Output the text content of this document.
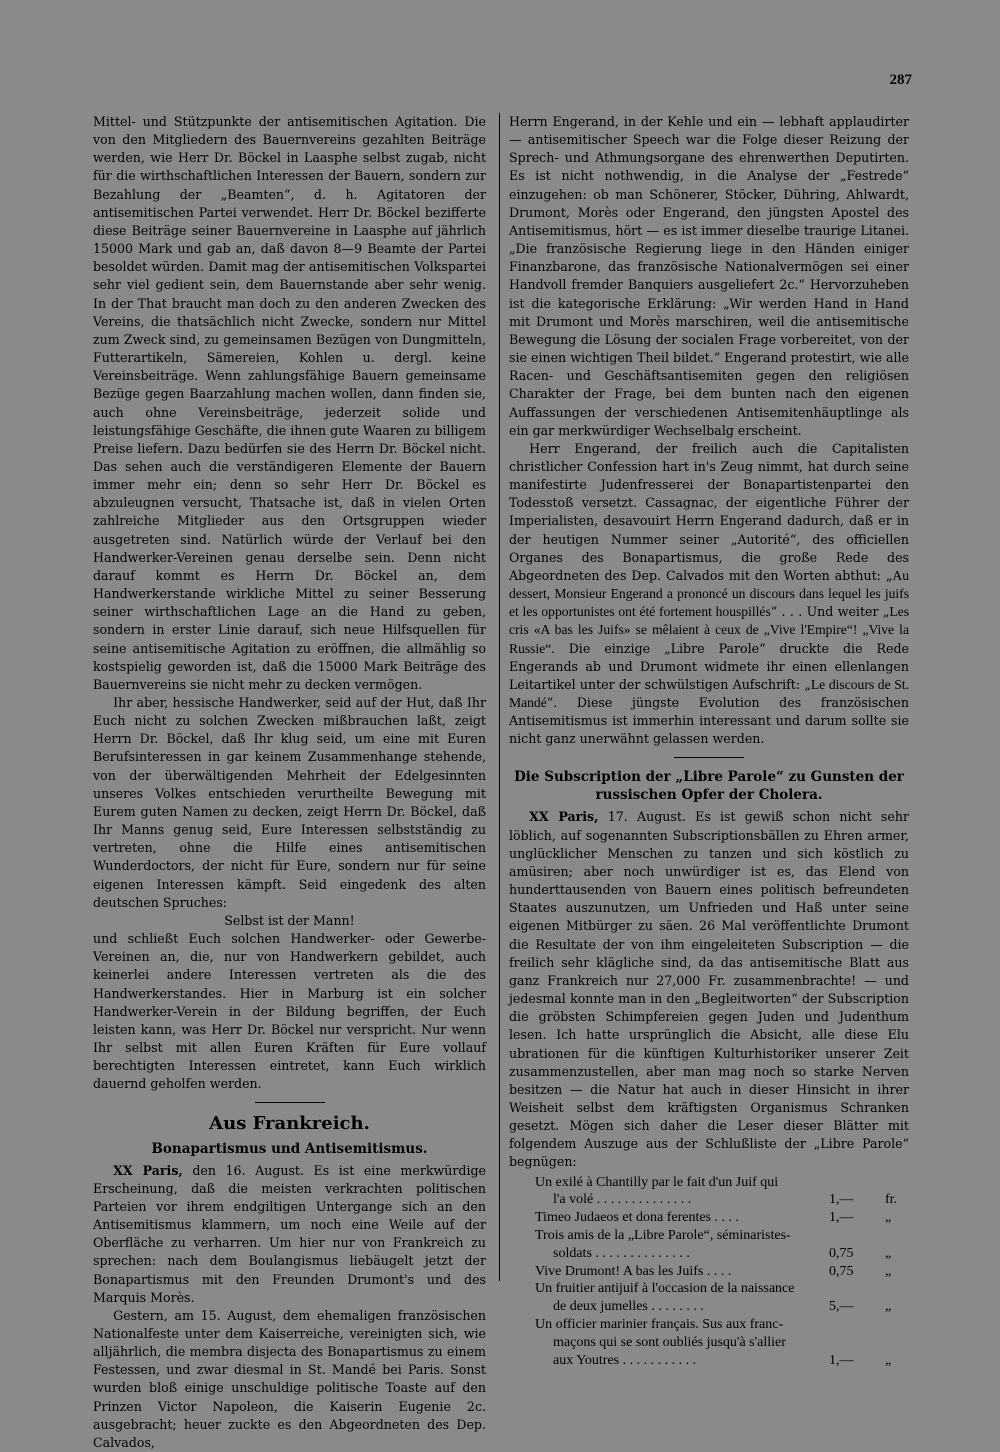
287

Mittel- und Stützpunkte der antisemitischen Agitation. Die von den Mitgliedern des Bauernvereins gezahlten Beiträge werden, wie Herr Dr. Böckel in Laasphe selbst zugab, nicht für die wirthschaftlichen Interessen der Bauern, sondern zur Bezahlung der „Beamten“, d. h. Agitatoren der antisemitischen Partei verwendet. Herr Dr. Böckel bezifferte diese Beiträge seiner Bauernvereine in Laasphe auf jährlich 15000 Mark und gab an, daß davon 8—9 Beamte der Partei besoldet würden. Damit mag der antisemitischen Volkspartei sehr viel gedient sein, dem Bauernstande aber sehr wenig. In der That braucht man doch zu den anderen Zwecken des Vereins, die thatsächlich nicht Zwecke, sondern nur Mittel zum Zweck sind, zu gemeinsamen Bezügen von Dungmitteln, Futterartikeln, Sämereien, Kohlen u. dergl. keine Vereinsbeiträge. Wenn zahlungsfähige Bauern gemeinsame Bezüge gegen Baarzahlung machen wollen, dann finden sie, auch ohne Vereinsbeiträge, jederzeit solide und leistungsfähige Geschäfte, die ihnen gute Waaren zu billigem Preise liefern. Dazu bedürfen sie des Herrn Dr. Böckel nicht. Das sehen auch die verständigeren Elemente der Bauern immer mehr ein; denn so sehr Herr Dr. Böckel es abzuleugnen versucht, Thatsache ist, daß in vielen Orten zahlreiche Mitglieder aus den Ortsgruppen wieder ausgetreten sind. Natürlich würde der Verlauf bei den Handwerker-Vereinen genau derselbe sein. Denn nicht darauf kommt es Herrn Dr. Böckel an, dem Handwerkerstande wirkliche Mittel zu seiner Besserung seiner wirthschaftlichen Lage an die Hand zu geben, sondern in erster Linie darauf, sich neue Hilfsquellen für seine antisemitische Agitation zu eröffnen, die allmählig so kostspielig geworden ist, daß die 15000 Mark Beiträge des Bauernvereins sie nicht mehr zu decken vermögen.

Ihr aber, hessische Handwerker, seid auf der Hut, daß Ihr Euch nicht zu solchen Zwecken mißbrauchen laßt, zeigt Herrn Dr. Böckel, daß Ihr klug seid, um eine mit Euren Berufsinteressen in gar keinem Zusammenhange stehende, von der überwältigenden Mehrheit der Edelgesinnten unseres Volkes entschieden verurtheilte Bewegung mit Eurem guten Namen zu decken, zeigt Herrn Dr. Böckel, daß Ihr Manns genug seid, Eure Interessen selbstständig zu vertreten, ohne die Hilfe eines antisemitischen Wunderdoctors, der nicht für Eure, sondern nur für seine eigenen Interessen kämpft. Seid eingedenk des alten deutschen Spruches:

Selbst ist der Mann!

und schließt Euch solchen Handwerker- oder Gewerbe-Vereinen an, die, nur von Handwerkern gebildet, auch keinerlei andere Interessen vertreten als die des Handwerkerstandes. Hier in Marburg ist ein solcher Handwerker-Verein in der Bildung begriffen, der Euch leisten kann, was Herr Dr. Böckel nur verspricht. Nur wenn Ihr selbst mit allen Euren Kräften für Eure vollauf berechtigten Interessen eintretet, kann Euch wirklich dauernd geholfen werden.

Aus Frankreich.
Bonapartismus und Antisemitismus.

XX Paris, den 16. August. Es ist eine merkwürdige Erscheinung, daß die meisten verkrachten politischen Parteien vor ihrem endgiltigen Untergange sich an den Antisemitismus klammern, um noch eine Weile auf der Oberfläche zu verharren. Um hier nur von Frankreich zu sprechen: nach dem Boulangismus liebäugelt jetzt der Bonapartismus mit den Freunden Drumont's und des Marquis Morès.

Gestern, am 15. August, dem ehemaligen französischen Nationalfeste unter dem Kaiserreiche, vereinigten sich, wie alljährlich, die membra disjecta des Bonapartismus zu einem Festessen, und zwar diesmal in St. Mandé bei Paris. Sonst wurden bloß einige unschuldige politische Toaste auf den Prinzen Victor Napoleon, die Kaiserin Eugenie 2c. ausgebracht; heuer zuckte es den Abgeordneten des Dep. Calvados,

Herrn Engerand, in der Kehle und ein — lebhaft applaudirter — antisemitischer Speech war die Folge dieser Reizung der Sprech- und Athmungsorgane des ehrenwerthen Deputirten. Es ist nicht nothwendig, in die Analyse der „Festrede“ einzugehen: ob man Schönerer, Stöcker, Dühring, Ahlwardt, Drumont, Morès oder Engerand, den jüngsten Apostel des Antisemitismus, hört — es ist immer dieselbe traurige Litanei. „Die französische Regierung liege in den Händen einiger Finanzbarone, das französische Nationalvermögen sei einer Handvoll fremder Banquiers ausgeliefert 2c.“ Hervorzuheben ist die kategorische Erklärung: „Wir werden Hand in Hand mit Drumont und Morès marschiren, weil die antisemitische Bewegung die Lösung der socialen Frage vorbereitet, von der sie einen wichtigen Theil bildet.“ Engerand protestirt, wie alle Racen- und Geschäftsantisemiten gegen den religiösen Charakter der Frage, bei dem bunten nach den eigenen Auffassungen der verschiedenen Antisemitenhäuptlinge als ein gar merkwürdiger Wechselbalg erscheint.

Herr Engerand, der freilich auch die Capitalisten christlicher Confession hart in's Zeug nimmt, hat durch seine manifestirte Judenfresserei der Bonapartistenpartei den Todesstoß versetzt. Cassagnac, der eigentliche Führer der Imperialisten, desavouirt Herrn Engerand dadurch, daß er in der heutigen Nummer seiner „Autorité“, des officiellen Organes des Bonapartismus, die große Rede des Abgeordneten des Dep. Calvados mit den Worten abthut: „Au dessert, Monsieur Engerand a prononcé un discours dans lequel les juifs et les opportunistes ont été fortement houspillés“ . . . Und weiter „Les cris «A bas les Juifs» se mêlaient à ceux de „Vive l'Empire“! „Vive la Russie“. Die einzige „Libre Parole“ druckte die Rede Engerands ab und Drumont widmete ihr einen ellenlangen Leitartikel unter der schwülstigen Aufschrift: „Le discours de St. Mandé“. Diese jüngste Evolution des französischen Antisemitismus ist immerhin interessant und darum sollte sie nicht ganz unerwähnt gelassen werden.

Die Subscription der „Libre Parole“ zu Gunsten der russischen Opfer der Cholera.

XX Paris, 17. August. Es ist gewiß schon nicht sehr löblich, auf sogenannten Subscriptionsbällen zu Ehren armer, unglücklicher Menschen zu tanzen und sich köstlich zu amüsiren; aber noch unwürdiger ist es, das Elend von hunderttausenden von Bauern eines politisch befreundeten Staates auszunutzen, um Unfrieden und Haß unter seine eigenen Mitbürger zu säen. 26 Mal veröffentlichte Drumont die Resultate der von ihm eingeleiteten Subscription — die freilich sehr klägliche sind, da das antisemitische Blatt aus ganz Frankreich nur 27,000 Fr. zusammenbrachte! — und jedesmal konnte man in den „Begleitworten“ der Subscription die gröbsten Schimpfereien gegen Juden und Judenthum lesen. Ich hatte ursprünglich die Absicht, alle diese Elu ubrationen für die künftigen Kulturhistoriker unserer Zeit zusammenzustellen, aber man mag noch so starke Nerven besitzen — die Natur hat auch in dieser Hinsicht in ihrer Weisheit selbst dem kräftigsten Organismus Schranken gesetzt. Mögen sich daher die Leser dieser Blätter mit folgendem Auszuge aus der Schlußliste der „Libre Parole“ begnügen:

Un exilé à Chantilly par le fait d'un Juif qui
l'a volé . . . . . . . . . . . . . .	1,—	fr.
Timeo Judaeos et dona ferentes . . . .	1,—	„
Trois amis de la „Libre Parole“, séminaristes-
soldats . . . . . . . . . . . . . .	0,75	„
Vive Drumont! A bas les Juifs . . . .	0,75	„
Un fruitier antijuif à l'occasion de la naissance
de deux jumelles . . . . . . . .	5,—	„
Un officier marinier français. Sus aux franc-
maçons qui se sont oubliés jusqu'à s'allier
aux Youtres . . . . . . . . . . .	1,—	„
